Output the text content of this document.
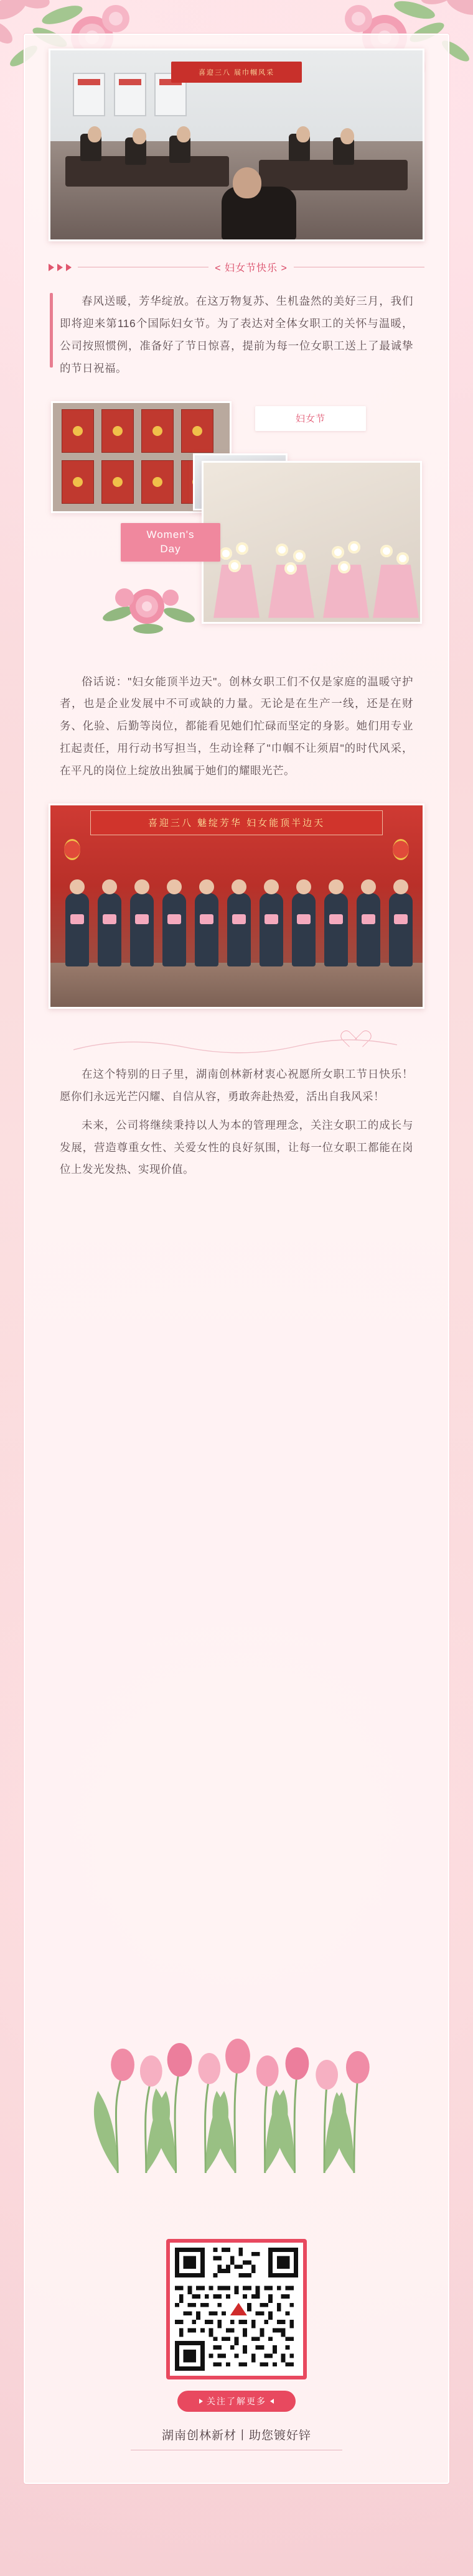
喜迎三八 展巾帼风采
< 妇女节快乐 >

春风送暖，芳华绽放。在这万物复苏、生机盎然的美好三月，我们即将迎来第116个国际妇女节。为了表达对全体女职工的关怀与温暖，公司按照惯例，准备好了节日惊喜，提前为每一位女职工送上了最诚挚的节日祝福。

妇女节
Women's
Day

俗话说："妇女能顶半边天"。创林女职工们不仅是家庭的温暖守护者，也是企业发展中不可或缺的力量。无论是在生产一线，还是在财务、化验、后勤等岗位，都能看见她们忙碌而坚定的身影。她们用专业扛起责任，用行动书写担当，生动诠释了"巾帼不让须眉"的时代风采，在平凡的岗位上绽放出独属于她们的耀眼光芒。

喜迎三八 魅绽芳华 妇女能顶半边天

在这个特别的日子里，湖南创林新材衷心祝愿所女职工节日快乐！愿你们永远光芒闪耀、自信从容，勇敢奔赴热爱，活出自我风采！

未来，公司将继续秉持以人为本的管理理念，关注女职工的成长与发展，营造尊重女性、关爱女性的良好氛围，让每一位女职工都能在岗位上发光发热、实现价值。

关注了解更多
湖南创林新材丨助您镀好锌
